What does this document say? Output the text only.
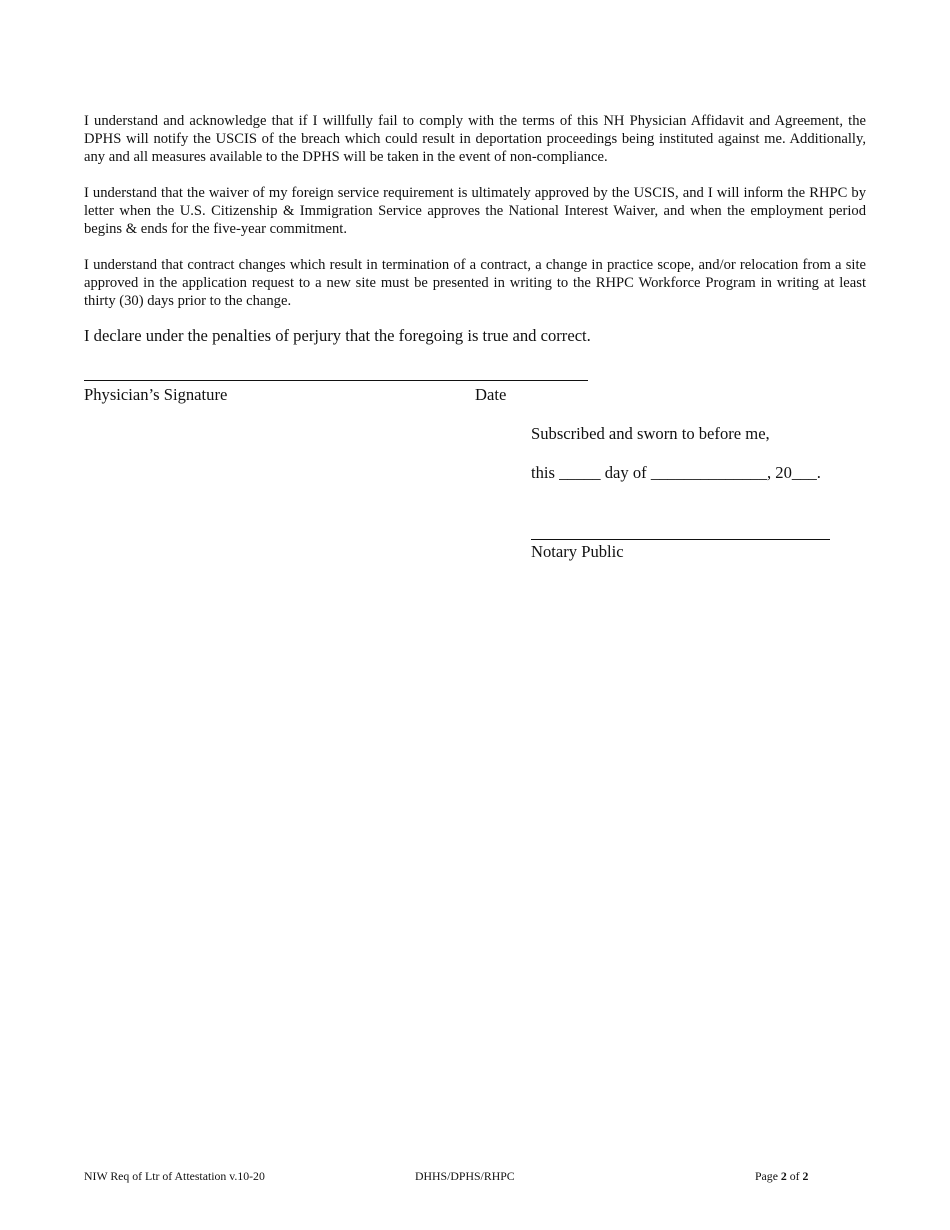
I understand and acknowledge that if I willfully fail to comply with the terms of this NH Physician Affidavit and Agreement, the DPHS will notify the USCIS of the breach which could result in deportation proceedings being instituted against me. Additionally, any and all measures available to the DPHS will be taken in the event of non-compliance.

I understand that the waiver of my foreign service requirement is ultimately approved by the USCIS, and I will inform the RHPC by letter when the U.S. Citizenship & Immigration Service approves the National Interest Waiver, and when the employment period begins & ends for the five-year commitment.

I understand that contract changes which result in termination of a contract, a change in practice scope, and/or relocation from a site approved in the application request to a new site must be presented in writing to the RHPC Workforce Program in writing at least thirty (30) days prior to the change.

I declare under the penalties of perjury that the foregoing is true and correct.
Physician’s Signature	Date
Subscribed and sworn to before me,
this _____ day of ______________, 20___.
Notary Public
NIW Req of Ltr of Attestation v.10-20	DHHS/DPHS/RHPC	Page 2 of 2
